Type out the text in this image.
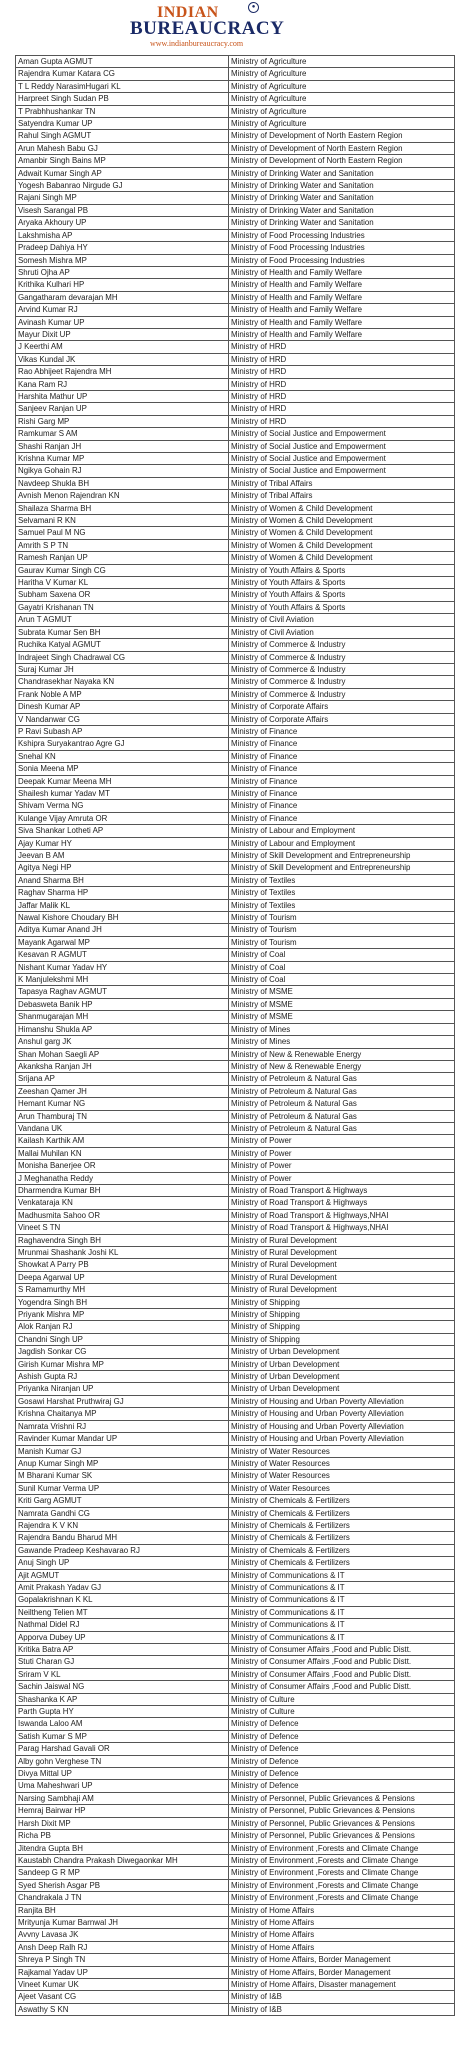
INDIAN	●
BUREAUCRACY
www.indianbureaucracy.com
Aman Gupta AGMUT	Ministry of Agriculture
Rajendra Kumar Katara CG	Ministry of Agriculture
T L Reddy NarasimHugari KL	Ministry of Agriculture
Harpreet Singh Sudan PB	Ministry of Agriculture
T Prabhhushankar TN	Ministry of Agriculture
Satyendra Kumar UP	Ministry of Agriculture
Rahul Singh AGMUT	Ministry of Development of North Eastern Region
Arun Mahesh Babu GJ	Ministry of Development of North Eastern Region
Amanbir Singh Bains MP	Ministry of Development of North Eastern Region
Adwait Kumar Singh AP	Ministry of Drinking Water and Sanitation
Yogesh Babanrao Nirgude GJ	Ministry of Drinking Water and Sanitation
Rajani Singh MP	Ministry of Drinking Water and Sanitation
Visesh Sarangal PB	Ministry of Drinking Water and Sanitation
Aryaka Akhoury UP	Ministry of Drinking Water and Sanitation
Lakshmisha AP	Ministry of Food Processing Industries
Pradeep Dahiya HY	Ministry of Food Processing Industries
Somesh Mishra MP	Ministry of Food Processing Industries
Shruti Ojha AP	Ministry of Health and Family Welfare
Krithika Kulhari HP	Ministry of Health and Family Welfare
Gangatharam devarajan MH	Ministry of Health and Family Welfare
Arvind Kumar RJ	Ministry of Health and Family Welfare
Avinash Kumar UP	Ministry of Health and Family Welfare
Mayur Dixit UP	Ministry of Health and Family Welfare
J Keerthi AM	Ministry of HRD
Vikas Kundal JK	Ministry of HRD
Rao Abhijeet Rajendra MH	Ministry of HRD
Kana Ram RJ	Ministry of HRD
Harshita Mathur UP	Ministry of HRD
Sanjeev Ranjan UP	Ministry of HRD
Rishi Garg MP	Ministry of HRD
Ramkumar S AM	Ministry of Social Justice and Empowerment
Shashi Ranjan JH	Ministry of Social Justice and Empowerment
Krishna Kumar MP	Ministry of Social Justice and Empowerment
Ngikya Gohain RJ	Ministry of Social Justice and Empowerment
Navdeep Shukla BH	Ministry of Tribal Affairs
Avnish Menon Rajendran KN	Ministry of Tribal Affairs
Shailaza Sharma BH	Ministry of Women & Child Development
Selvamani R KN	Ministry of Women & Child Development
Samuel Paul M NG	Ministry of Women & Child Development
Amrith S P TN	Ministry of Women & Child Development
Ramesh Ranjan UP	Ministry of Women & Child Development
Gaurav Kumar Singh CG	Ministry of Youth Affairs & Sports
Haritha V Kumar KL	Ministry of Youth Affairs & Sports
Subham Saxena OR	Ministry of Youth Affairs & Sports
Gayatri Krishanan TN	Ministry of Youth Affairs & Sports
Arun T AGMUT	Ministry of Civil Aviation
Subrata Kumar Sen BH	Ministry of Civil Aviation
Ruchika Katyal AGMUT	Ministry of Commerce & Industry
Indrajeet Singh Chadrawal CG	Ministry of Commerce & Industry
Suraj Kumar JH	Ministry of Commerce & Industry
Chandrasekhar Nayaka KN	Ministry of Commerce & Industry
Frank Noble A MP	Ministry of Commerce & Industry
Dinesh Kumar AP	Ministry of Corporate Affairs
V Nandanwar CG	Ministry of Corporate Affairs
P Ravi Subash AP	Ministry of Finance
Kshipra Suryakantrao Agre GJ	Ministry of Finance
Snehal KN	Ministry of Finance
Sonia Meena MP	Ministry of Finance
Deepak Kumar Meena MH	Ministry of Finance
Shailesh kumar Yadav MT	Ministry of Finance
Shivam Verma NG	Ministry of Finance
Kulange Vijay Amruta OR	Ministry of Finance
Siva Shankar Lotheti AP	Ministry of Labour and Employment
Ajay Kumar HY	Ministry of Labour and Employment
Jeevan B AM	Ministry of Skill Development and Entrepreneurship
Agitya Negi HP	Ministry of Skill Development and Entrepreneurship
Anand Sharma BH	Ministry of Textiles
Raghav Sharma HP	Ministry of Textiles
Jaffar Malik KL	Ministry of Textiles
Nawal Kishore Choudary BH	Ministry of Tourism
Aditya Kumar Anand JH	Ministry of Tourism
Mayank Agarwal MP	Ministry of Tourism
Kesavan R AGMUT	Ministry of Coal
Nishant Kumar Yadav HY	Ministry of Coal
K Manjulekshmi MH	Ministry of Coal
Tapasya Raghav AGMUT	Ministry of MSME
Debasweta Banik HP	Ministry of MSME
Shanmugarajan MH	Ministry of MSME
Himanshu Shukla AP	Ministry of Mines
Anshul garg JK	Ministry of Mines
Shan Mohan Saegli AP	Ministry of New & Renewable Energy
Akanksha Ranjan JH	Ministry of New & Renewable Energy
Srijana AP	Ministry of Petroleum & Natural Gas
Zeeshan Qamer JH	Ministry of Petroleum & Natural Gas
Hemant Kumar NG	Ministry of Petroleum & Natural Gas
Arun Thamburaj TN	Ministry of Petroleum & Natural Gas
Vandana UK	Ministry of Petroleum & Natural Gas
Kailash Karthik AM	Ministry of Power
Mallai Muhilan KN	Ministry of Power
Monisha Banerjee OR	Ministry of Power
J Meghanatha Reddy	Ministry of Power
Dharmendra Kumar BH	Ministry of Road Transport & Highways
Venkataraja KN	Ministry of Road Transport & Highways
Madhusmita Sahoo OR	Ministry of Road Transport & Highways,NHAI
Vineet S TN	Ministry of Road Transport & Highways,NHAI
Raghavendra Singh BH	Ministry of Rural Development
Mrunmai Shashank Joshi KL	Ministry of Rural Development
Showkat A Parry PB	Ministry of Rural Development
Deepa Agarwal UP	Ministry of Rural Development
S Ramamurthy MH	Ministry of Rural Development
Yogendra Singh BH	Ministry of Shipping
Priyank Mishra MP	Ministry of Shipping
Alok Ranjan RJ	Ministry of Shipping
Chandni Singh UP	Ministry of Shipping
Jagdish Sonkar CG	Ministry of Urban Development
Girish Kumar Mishra MP	Ministry of Urban Development
Ashish Gupta RJ	Ministry of Urban Development
Priyanka Niranjan UP	Ministry of Urban Development
Gosawi Harshat Pruthwiraj GJ	Ministry of Housing and Urban Poverty Alleviation
Krishna Chaitanya MP	Ministry of Housing and Urban Poverty Alleviation
Namrata Vrishni RJ	Ministry of Housing and Urban Poverty Alleviation
Ravinder Kumar Mandar UP	Ministry of Housing and Urban Poverty Alleviation
Manish Kumar GJ	Ministry of Water Resources
Anup Kumar Singh MP	Ministry of Water Resources
M Bharani Kumar SK	Ministry of Water Resources
Sunil Kumar Verma UP	Ministry of Water Resources
Kriti Garg AGMUT	Ministry of Chemicals & Fertilizers
Namrata Gandhi CG	Ministry of Chemicals & Fertilizers
Rajendra K V KN	Ministry of Chemicals & Fertilizers
Rajendra Bandu Bharud MH	Ministry of Chemicals & Fertilizers
Gawande Pradeep Keshavarao RJ	Ministry of Chemicals & Fertilizers
Anuj Singh UP	Ministry of Chemicals & Fertilizers
Ajit AGMUT	Ministry of Communications & IT
Amit Prakash Yadav GJ	Ministry of Communications & IT
Gopalakrishnan K KL	Ministry of Communications & IT
Neiltheng Telien MT	Ministry of Communications & IT
Nathmal Didel RJ	Ministry of Communications & IT
Apporva Dubey UP	Ministry of Communications & IT
Kritika Batra AP	Ministry of Consumer Affairs ,Food and Public Distt.
Stuti Charan GJ	Ministry of Consumer Affairs ,Food and Public Distt.
Sriram V KL	Ministry of Consumer Affairs ,Food and Public Distt.
Sachin Jaiswal NG	Ministry of Consumer Affairs ,Food and Public Distt.
Shashanka K AP	Ministry of Culture
Parth Gupta HY	Ministry of Culture
Iswanda Laloo AM	Ministry of Defence
Satish Kumar S MP	Ministry of Defence
Parag Harshad Gavali OR	Ministry of Defence
Alby gohn Verghese TN	Ministry of Defence
Divya Mittal UP	Ministry of Defence
Uma Maheshwari UP	Ministry of Defence
Narsing Sambhaji AM	Ministry of Personnel, Public Grievances & Pensions
Hemraj Bairwar HP	Ministry of Personnel, Public Grievances & Pensions
Harsh Dixit MP	Ministry of Personnel, Public Grievances & Pensions
Richa PB	Ministry of Personnel, Public Grievances & Pensions
Jitendra Gupta BH	Ministry of Environment ,Forests and Climate Change
Kaustabh Chandra Prakash Diwegaonkar MH	Ministry of Environment ,Forests and Climate Change
Sandeep G R MP	Ministry of Environment ,Forests and Climate Change
Syed Sherish Asgar PB	Ministry of Environment ,Forests and Climate Change
Chandrakala J TN	Ministry of Environment ,Forests and Climate Change
Ranjita BH	Ministry of Home Affairs
Mrityunja Kumar Barnwal JH	Ministry of Home Affairs
Avvny Lavasa JK	Ministry of Home Affairs
Ansh Deep Ralh RJ	Ministry of Home Affairs
Shreya P Singh TN	Ministry of Home Affairs, Border Management
Rajkamal Yadav UP	Ministry of Home Affairs, Border Management
Vineet Kumar UK	Ministry of Home Affairs, Disaster management
Ajeet Vasant CG	Ministry of I&B
Aswathy S KN	Ministry of I&B
